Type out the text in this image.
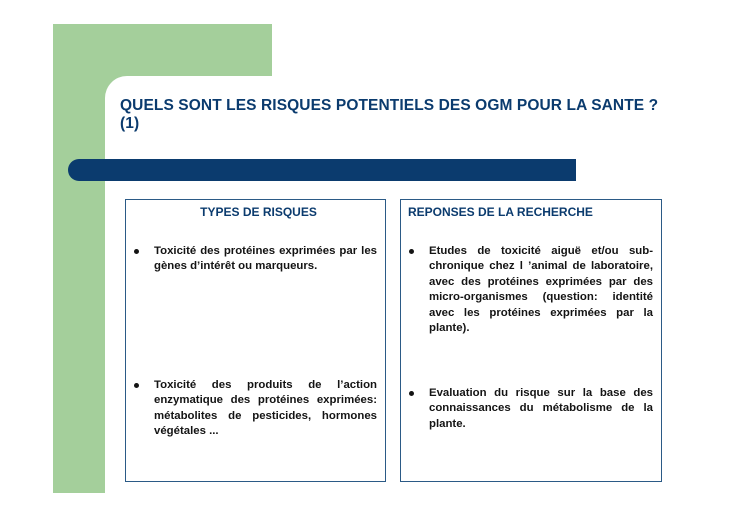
QUELS SONT LES RISQUES POTENTIELS DES OGM POUR LA SANTE ? (1)
TYPES DE RISQUES
Toxicité des protéines exprimées par les gènes d’intérêt ou marqueurs.
Toxicité des produits de l’action enzymatique des protéines exprimées: métabolites de pesticides, hormones végétales ...
REPONSES DE LA RECHERCHE
Etudes de toxicité aiguë et/ou sub-chronique chez l ’animal de laboratoire, avec des protéines exprimées par des micro-organismes (question: identité avec les protéines exprimées par la plante).
Evaluation du risque sur la base des connaissances du métabolisme de la plante.
